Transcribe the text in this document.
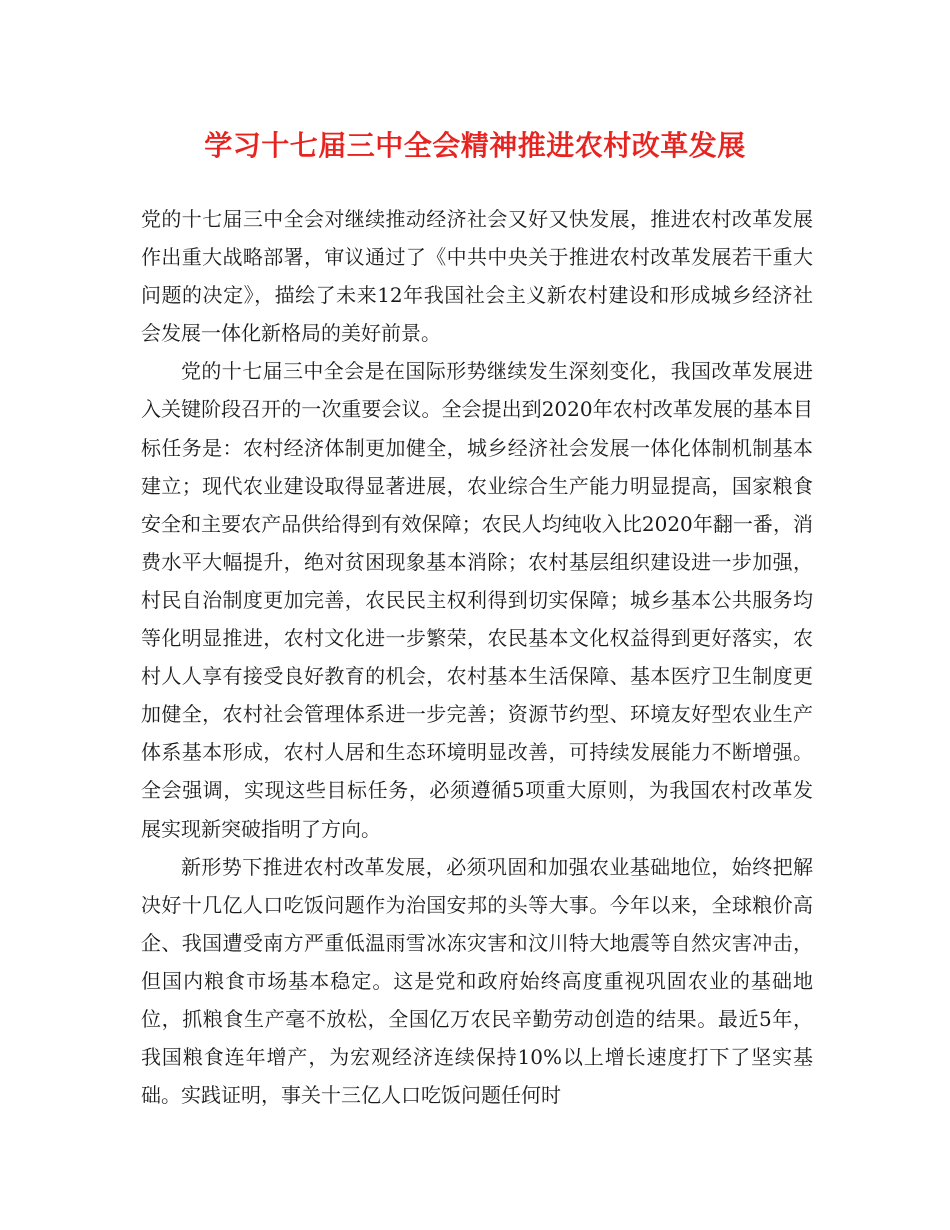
学习十七届三中全会精神推进农村改革发展

党的十七届三中全会对继续推动经济社会又好又快发展，推进农村改革发展作出重大战略部署，审议通过了《中共中央关于推进农村改革发展若干重大问题的决定》，描绘了未来12年我国社会主义新农村建设和形成城乡经济社会发展一体化新格局的美好前景。

党的十七届三中全会是在国际形势继续发生深刻变化，我国改革发展进入关键阶段召开的一次重要会议。全会提出到2020年农村改革发展的基本目标任务是：农村经济体制更加健全，城乡经济社会发展一体化体制机制基本建立；现代农业建设取得显著进展，农业综合生产能力明显提高，国家粮食安全和主要农产品供给得到有效保障；农民人均纯收入比2020年翻一番，消费水平大幅提升，绝对贫困现象基本消除；农村基层组织建设进一步加强，村民自治制度更加完善，农民民主权利得到切实保障；城乡基本公共服务均等化明显推进，农村文化进一步繁荣，农民基本文化权益得到更好落实，农村人人享有接受良好教育的机会，农村基本生活保障、基本医疗卫生制度更加健全，农村社会管理体系进一步完善；资源节约型、环境友好型农业生产体系基本形成，农村人居和生态环境明显改善，可持续发展能力不断增强。全会强调，实现这些目标任务，必须遵循5项重大原则，为我国农村改革发展实现新突破指明了方向。

新形势下推进农村改革发展，必须巩固和加强农业基础地位，始终把解决好十几亿人口吃饭问题作为治国安邦的头等大事。今年以来，全球粮价高企、我国遭受南方严重低温雨雪冰冻灾害和汶川特大地震等自然灾害冲击，但国内粮食市场基本稳定。这是党和政府始终高度重视巩固农业的基础地位，抓粮食生产毫不放松，全国亿万农民辛勤劳动创造的结果。最近5年，我国粮食连年增产，为宏观经济连续保持10%以上增长速度打下了坚实基础。实践证明，事关十三亿人口吃饭问题任何时
